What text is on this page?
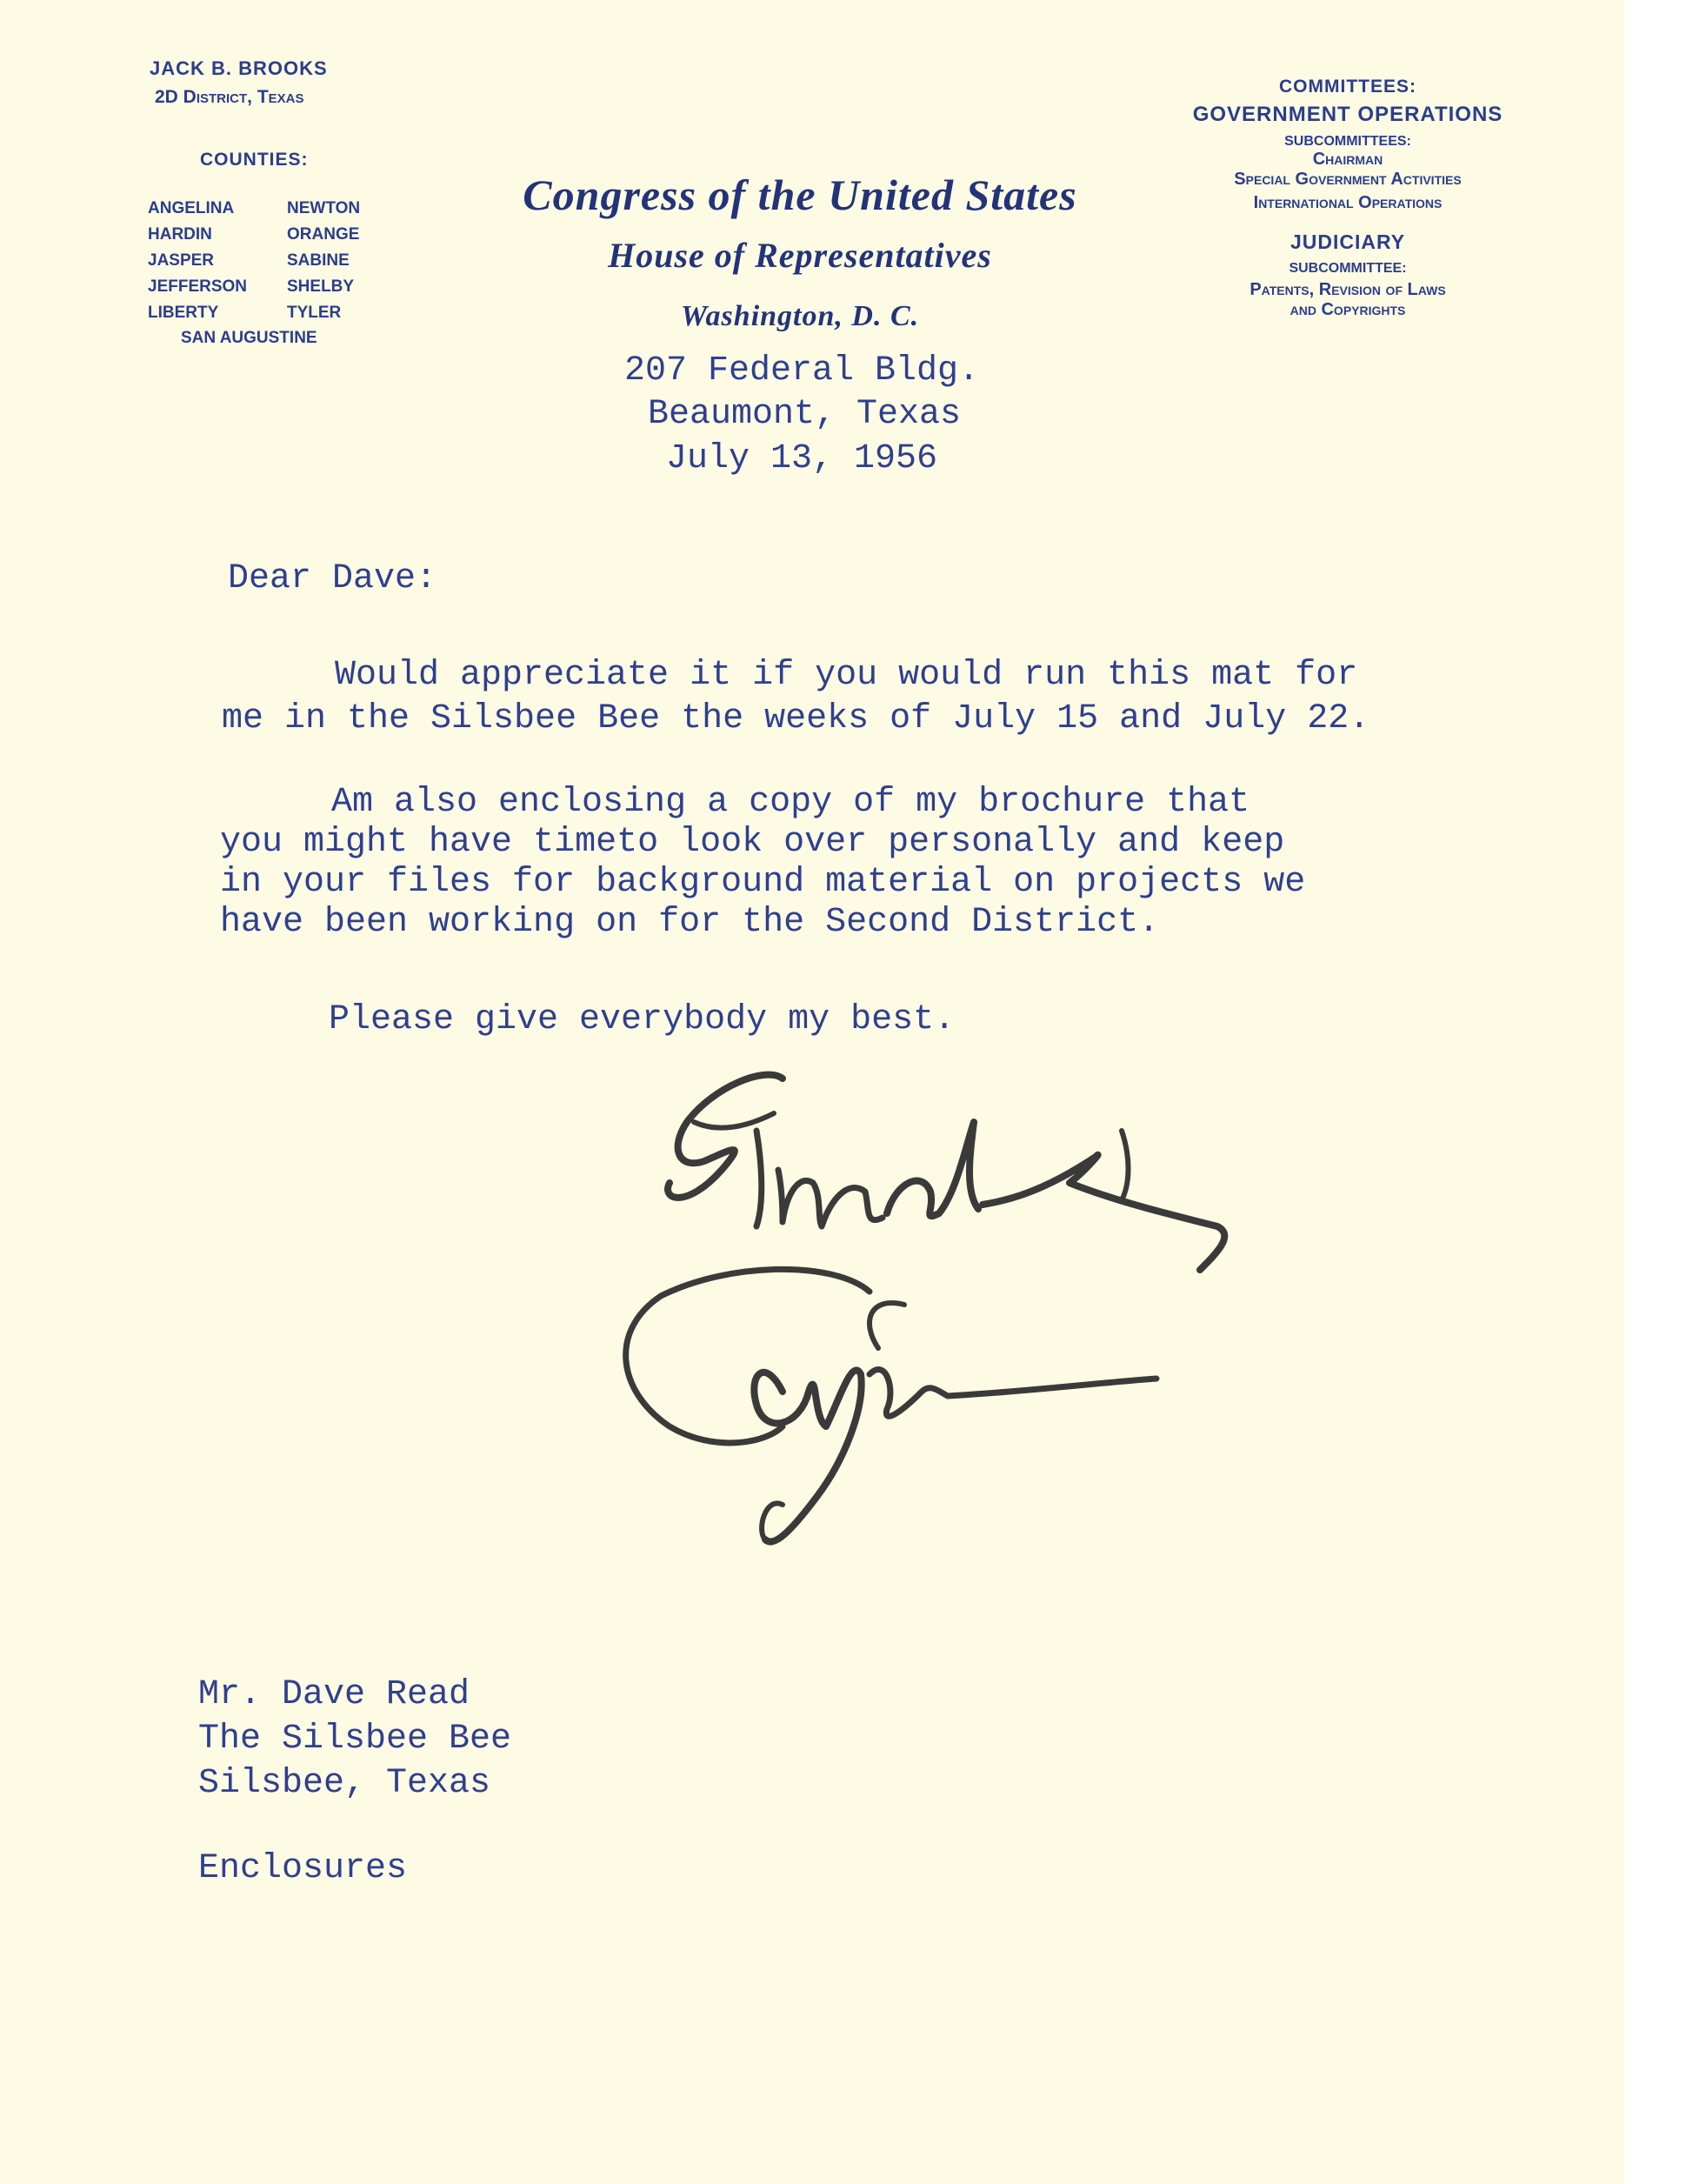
JACK B. BROOKS
2D District, Texas
COUNTIES:
ANGELINA
HARDIN
JASPER
JEFFERSON
LIBERTY
NEWTON
ORANGE
SABINE
SHELBY
TYLER
SAN AUGUSTINE
Congress of the United States
House of Representatives
Washington, D. C.
COMMITTEES:
GOVERNMENT OPERATIONS
SUBCOMMITTEES:
Chairman
Special Government Activities
International Operations
JUDICIARY
SUBCOMMITTEE:
Patents, Revision of Laws
and Copyrights
207 Federal Bldg.
Beaumont, Texas
July 13, 1956
Dear Dave:
Would appreciate it if you would run this mat for
me in the Silsbee Bee the weeks of July 15 and July 22.
Am also enclosing a copy of my brochure that
you might have timeto look over personally and keep
in your files for background material on projects we
have been working on for the Second District.
Please give everybody my best.
Mr. Dave Read
The Silsbee Bee
Silsbee, Texas
Enclosures
